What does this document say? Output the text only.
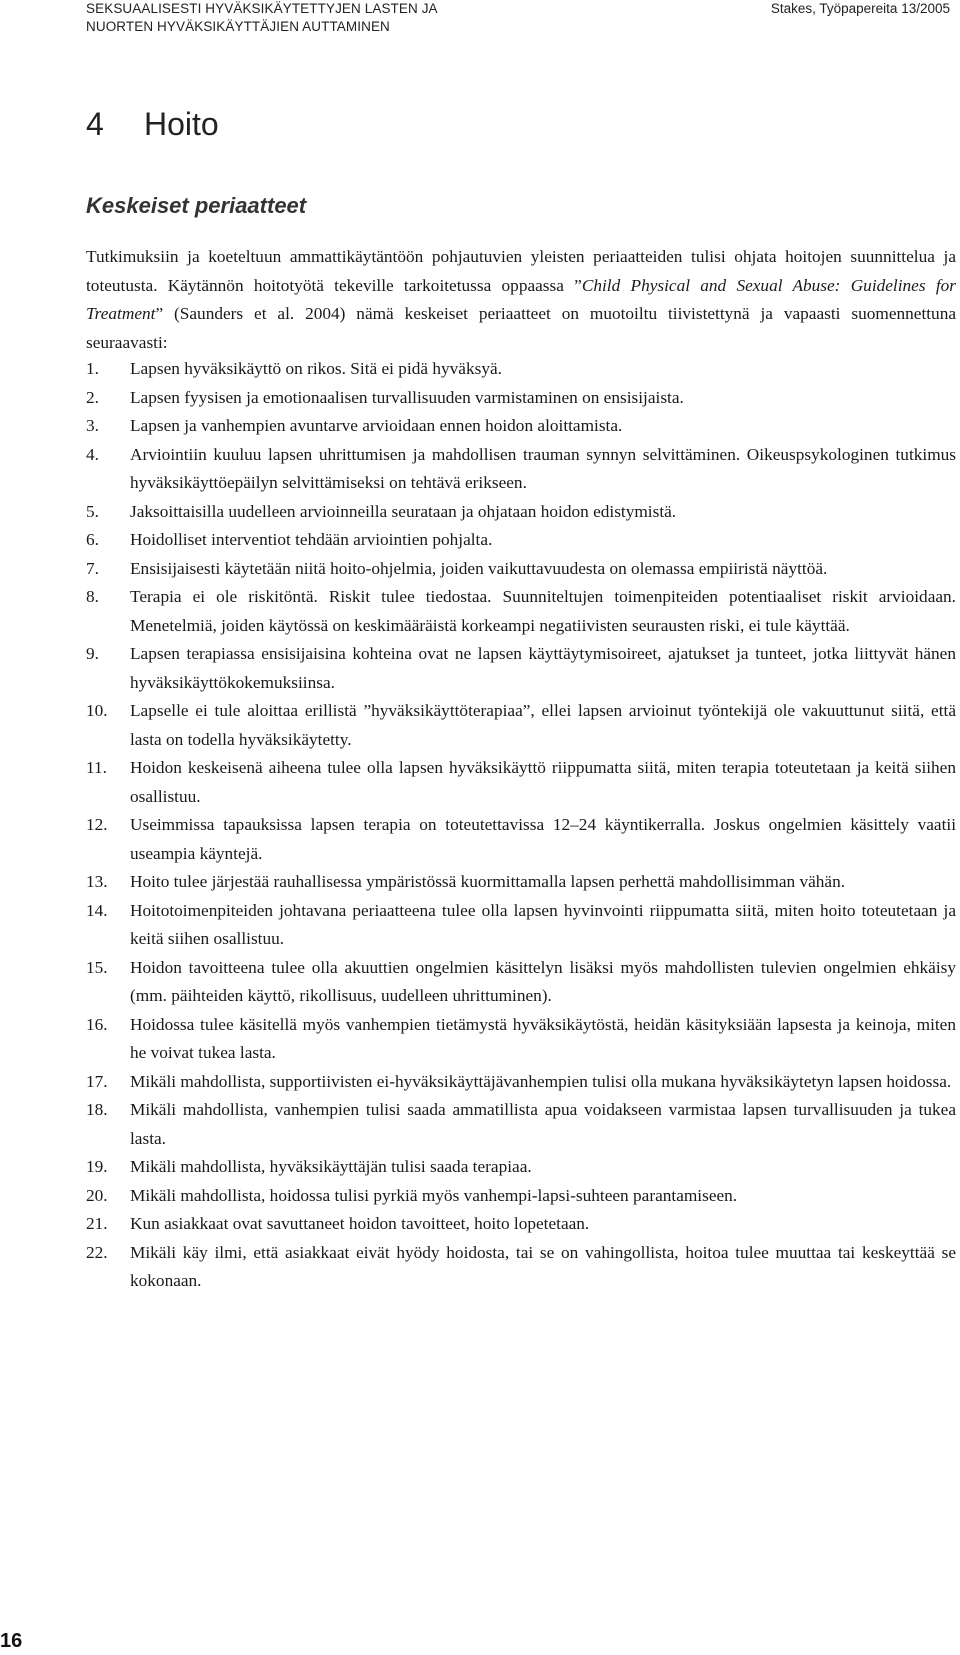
SEKSUAALISESTI HYVÄKSIKÄYTETTYJEN LASTEN JA
NUORTEN HYVÄKSIKÄYTTÄJIEN AUTTAMINEN
Stakes, Työpapereita 13/2005
4 Hoito
Keskeiset periaatteet

Tutkimuksiin ja koeteltuun ammattikäytäntöön pohjautuvien yleisten periaatteiden tulisi ohjata hoitojen suunnittelua ja toteutusta. Käytännön hoitotyötä tekeville tarkoitetussa oppaassa ”Child Physical and Sexual Abuse: Guidelines for Treatment” (Saunders et al. 2004) nämä keskeiset periaatteet on muotoiltu tiivistettynä ja vapaasti suomennettuna seuraavasti:

1. Lapsen hyväksikäyttö on rikos. Sitä ei pidä hyväksyä.
2. Lapsen fyysisen ja emotionaalisen turvallisuuden varmistaminen on ensisijaista.
3. Lapsen ja vanhempien avuntarve arvioidaan ennen hoidon aloittamista.
4. Arviointiin kuuluu lapsen uhrittumisen ja mahdollisen trauman synnyn selvittäminen. Oikeuspsykologinen tutkimus hyväksikäyttöepäilyn selvittämiseksi on tehtävä erikseen.
5. Jaksoittaisilla uudelleen arvioinneilla seurataan ja ohjataan hoidon edistymistä.
6. Hoidolliset interventiot tehdään arviointien pohjalta.
7. Ensisijaisesti käytetään niitä hoito-ohjelmia, joiden vaikuttavuudesta on olemassa empiiristä näyttöä.
8. Terapia ei ole riskitöntä. Riskit tulee tiedostaa. Suunniteltujen toimenpiteiden potentiaaliset riskit arvioidaan. Menetelmiä, joiden käytössä on keskimääräistä korkeampi negatiivisten seurausten riski, ei tule käyttää.
9. Lapsen terapiassa ensisijaisina kohteina ovat ne lapsen käyttäytymisoireet, ajatukset ja tunteet, jotka liittyvät hänen hyväksikäyttökokemuksiinsa.
10. Lapselle ei tule aloittaa erillistä ”hyväksikäyttöterapiaa”, ellei lapsen arvioinut työntekijä ole vakuuttunut siitä, että lasta on todella hyväksikäytetty.
11. Hoidon keskeisenä aiheena tulee olla lapsen hyväksikäyttö riippumatta siitä, miten terapia toteutetaan ja keitä siihen osallistuu.
12. Useimmissa tapauksissa lapsen terapia on toteutettavissa 12–24 käyntikerralla. Joskus ongelmien käsittely vaatii useampia käyntejä.
13. Hoito tulee järjestää rauhallisessa ympäristössä kuormittamalla lapsen perhettä mahdollisimman vähän.
14. Hoitotoimenpiteiden johtavana periaatteena tulee olla lapsen hyvinvointi riippumatta siitä, miten hoito toteutetaan ja keitä siihen osallistuu.
15. Hoidon tavoitteena tulee olla akuuttien ongelmien käsittelyn lisäksi myös mahdollisten tulevien ongelmien ehkäisy (mm. päihteiden käyttö, rikollisuus, uudelleen uhrittuminen).
16. Hoidossa tulee käsitellä myös vanhempien tietämystä hyväksikäytöstä, heidän käsityksiään lapsesta ja keinoja, miten he voivat tukea lasta.
17. Mikäli mahdollista, supportiivisten ei-hyväksikäyttäjävanhempien tulisi olla mukana hyväksikäytetyn lapsen hoidossa.
18. Mikäli mahdollista, vanhempien tulisi saada ammatillista apua voidakseen varmistaa lapsen turvallisuuden ja tukea lasta.
19. Mikäli mahdollista, hyväksikäyttäjän tulisi saada terapiaa.
20. Mikäli mahdollista, hoidossa tulisi pyrkiä myös vanhempi-lapsi-suhteen parantamiseen.
21. Kun asiakkaat ovat savuttaneet hoidon tavoitteet, hoito lopetetaan.
22. Mikäli käy ilmi, että asiakkaat eivät hyödy hoidosta, tai se on vahingollista, hoitoa tulee muuttaa tai keskeyttää se kokonaan.
16
